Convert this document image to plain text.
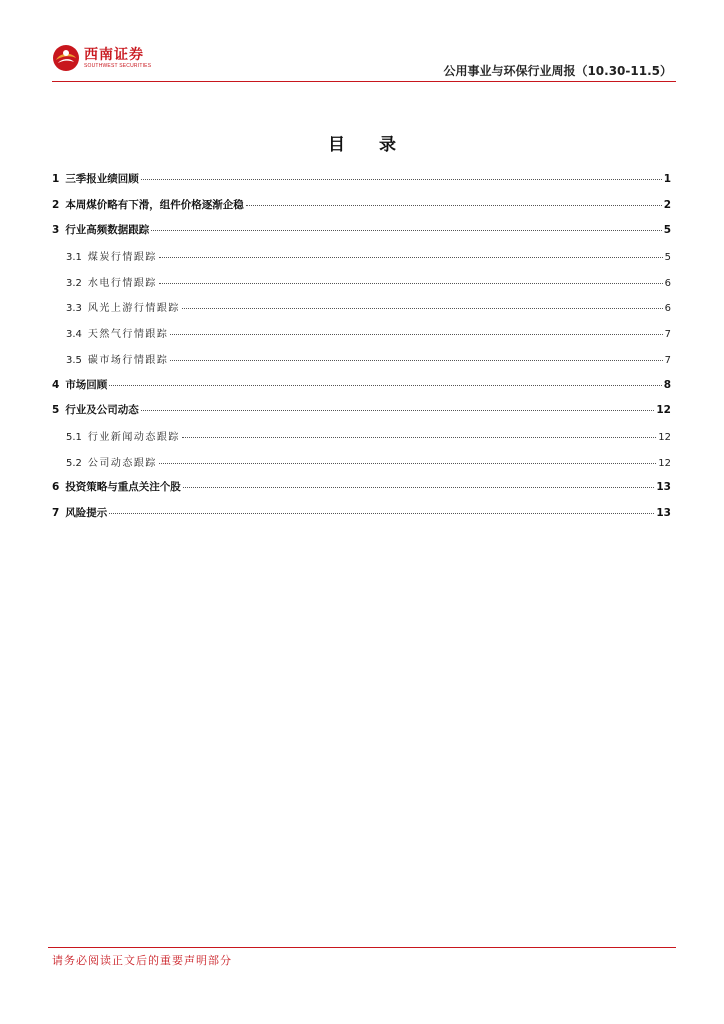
西南证券
SOUTHWEST SECURITIES	公用事业与环保行业周报（10.30-11.5）
目 录
1 三季报业绩回顾	1
2 本周煤价略有下滑，组件价格逐渐企稳	2
3 行业高频数据跟踪	5
3.1 煤炭行情跟踪	5
3.2 水电行情跟踪	6
3.3 风光上游行情跟踪	6
3.4 天然气行情跟踪	7
3.5 碳市场行情跟踪	7
4 市场回顾	8
5 行业及公司动态	12
5.1 行业新闻动态跟踪	12
5.2 公司动态跟踪	12
6 投资策略与重点关注个股	13
7 风险提示	13
请务必阅读正文后的重要声明部分
